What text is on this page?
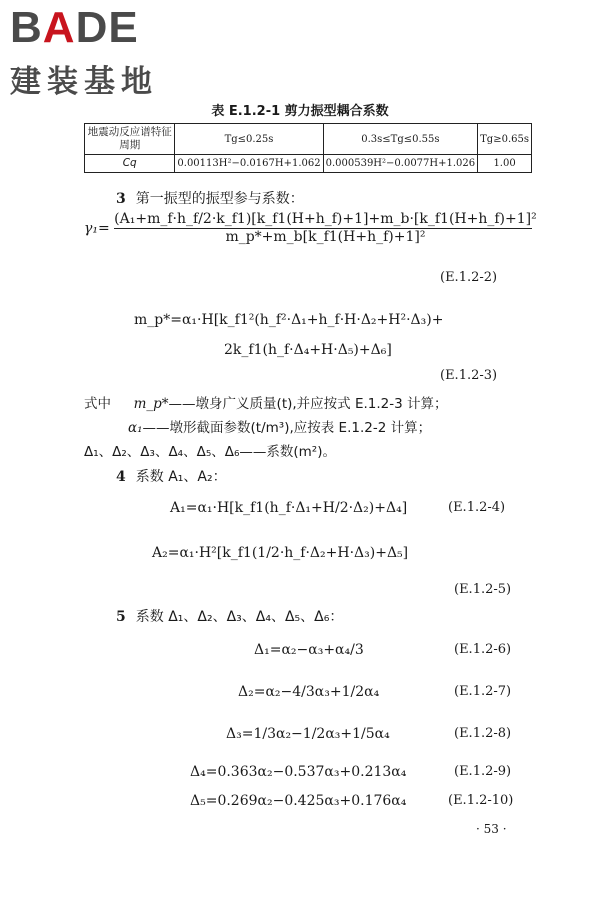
BADE
建装基地
表 E.1.2-1 剪力振型耦合系数
地震动反应谱特征周期	Tg≤0.25s	0.3s≤Tg≤0.55s	Tg≥0.65s
Cq	0.00113H²−0.0167H+1.062	0.000539H²−0.0077H+1.026	1.00
3 第一振型的振型参与系数：
$\gamma_1= \frac{\text{(A₁+m\_f·h\_f/2·k\_f1)[k\_f1(H+h\_f)+1]+m\_b·[k\_f1(H+h\_f)+1]²}}{\text{m\_p*+m\_b[k\_f1(H+h\_f)+1]²}}$
(E.1.2-2)
m_p*=α₁·H[k_f1²(h_f²·Δ₁+h_f·H·Δ₂+H²·Δ₃)+
2k_f1(h_f·Δ₄+H·Δ₅)+Δ₆]
(E.1.2-3)
式中 m_p*——墩身广义质量(t),并应按式 E.1.2-3 计算；
α₁——墩形截面参数(t/m³),应按表 E.1.2-2 计算；
Δ₁、Δ₂、Δ₃、Δ₄、Δ₅、Δ₆——系数(m²)。
4 系数 A₁、A₂：
A₁=α₁·H[k_f1(h_f·Δ₁+H/2·Δ₂)+Δ₄]	(E.1.2-4)
A₂=α₁·H²[k_f1(1/2·h_f·Δ₂+H·Δ₃)+Δ₅]
(E.1.2-5)
5 系数 Δ₁、Δ₂、Δ₃、Δ₄、Δ₅、Δ₆：
Δ₁=α₂−α₃+α₄/3	(E.1.2-6)
Δ₂=α₂−4/3α₃+1/2α₄	(E.1.2-7)
Δ₃=1/3α₂−1/2α₃+1/5α₄	(E.1.2-8)
Δ₄=0.363α₂−0.537α₃+0.213α₄	(E.1.2-9)
Δ₅=0.269α₂−0.425α₃+0.176α₄	(E.1.2-10)
· 53 ·
